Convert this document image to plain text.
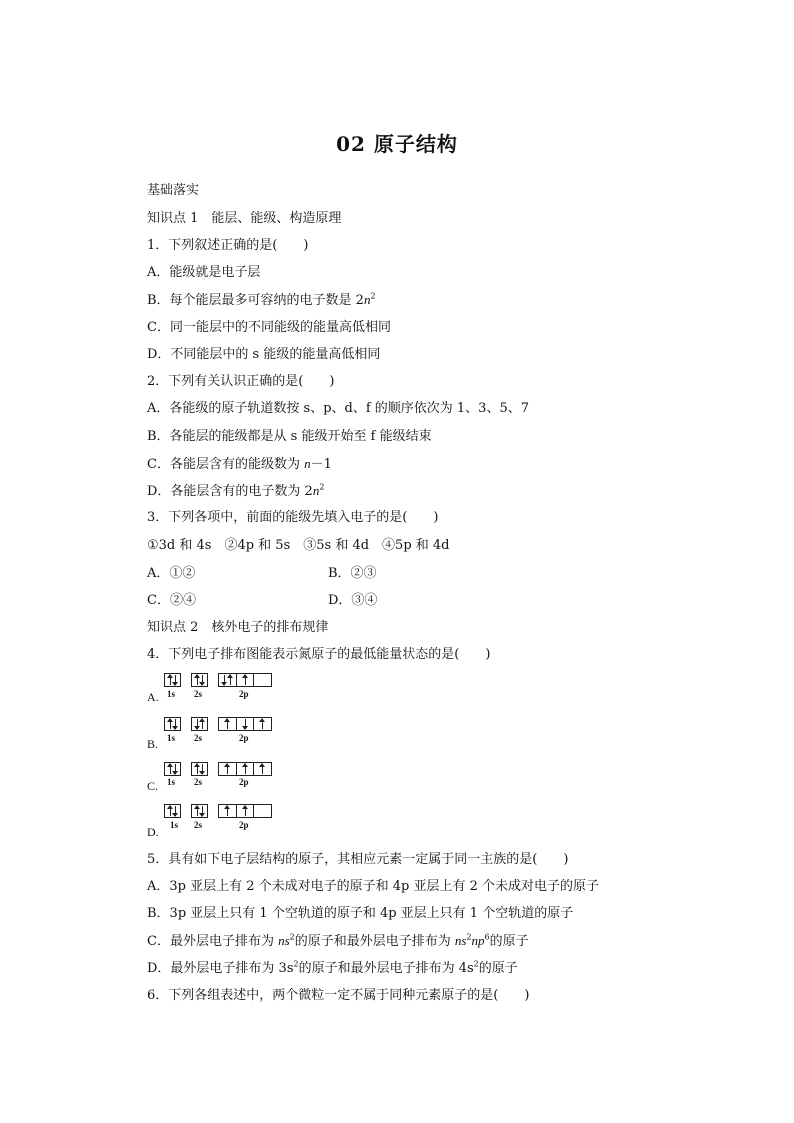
02 原子结构
基础落实
知识点 1　能层、能级、构造原理
1．下列叙述正确的是(　　)
A．能级就是电子层
B．每个能层最多可容纳的电子数是 $2n^2$
C．同一能层中的不同能级的能量高低相同
D．不同能层中的 s 能级的能量高低相同
2．下列有关认识正确的是(　　)
A．各能级的原子轨道数按 s、p、d、f 的顺序依次为 1、3、5、7
B．各能层的能级都是从 s 能级开始至 f 能级结束
C．各能层含有的能级数为 n－1
D．各能层含有的电子数为 $2n^2$
3．下列各项中，前面的能级先填入电子的是(　　)
①3d 和 4s　②4p 和 5s　③5s 和 4d　④5p 和 4d
A．①②	B．②③
C．②④	D．③④
知识点 2　核外电子的排布规律
4．下列电子排布图能表示氮原子的最低能量状态的是(　　)
A. 1s 2s	2p
B. 1s 2s	2p
C. 1s 2s	2p
D. 1s 2s	2p
5．具有如下电子层结构的原子，其相应元素一定属于同一主族的是(　　)
A．3p 亚层上有 2 个未成对电子的原子和 4p 亚层上有 2 个未成对电子的原子
B．3p 亚层上只有 1 个空轨道的原子和 4p 亚层上只有 1 个空轨道的原子
C．最外层电子排布为 $ns^2$的原子和最外层电子排布为 $ns^2np^6$的原子
D．最外层电子排布为 $3s^2$的原子和最外层电子排布为 $4s^2$的原子
6．下列各组表述中，两个微粒一定不属于同种元素原子的是(　　)
